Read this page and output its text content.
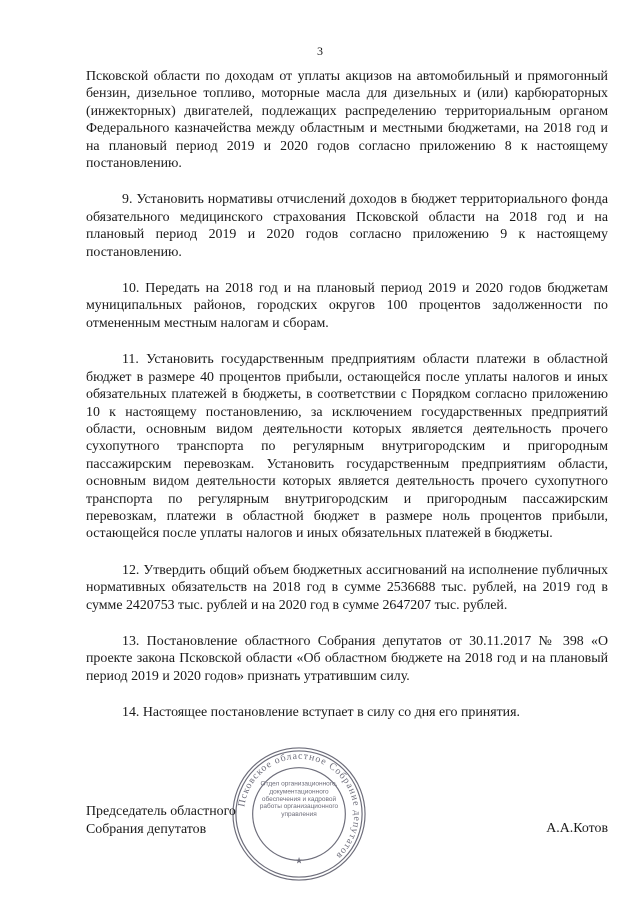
3

Псковской области по доходам от уплаты акцизов на автомобильный и прямогонный бензин, дизельное топливо, моторные масла для дизельных и (или) карбюраторных (инжекторных) двигателей, подлежащих распределению территориальным органом Федерального казначейства между областным и местными бюджетами, на 2018 год и на плановый период 2019 и 2020 годов согласно приложению 8 к настоящему постановлению.

9. Установить нормативы отчислений доходов в бюджет территориального фонда обязательного медицинского страхования Псковской области на 2018 год и на плановый период 2019 и 2020 годов согласно приложению 9 к настоящему постановлению.

10. Передать на 2018 год и на плановый период 2019 и 2020 годов бюджетам муниципальных районов, городских округов 100 процентов задолженности по отмененным местным налогам и сборам.

11. Установить государственным предприятиям области платежи в областной бюджет в размере 40 процентов прибыли, остающейся после уплаты налогов и иных обязательных платежей в бюджеты, в соответствии с Порядком согласно приложению 10 к настоящему постановлению, за исключением государственных предприятий области, основным видом деятельности которых является деятельность прочего сухопутного транспорта по регулярным внутригородским и пригородным пассажирским перевозкам. Установить государственным предприятиям области, основным видом деятельности которых является деятельность прочего сухопутного транспорта по регулярным внутригородским и пригородным пассажирским перевозкам, платежи в областной бюджет в размере ноль процентов прибыли, остающейся после уплаты налогов и иных обязательных платежей в бюджеты.

12. Утвердить общий объем бюджетных ассигнований на исполнение публичных нормативных обязательств на 2018 год в сумме 2536688 тыс. рублей, на 2019 год в сумме 2420753 тыс. рублей и на 2020 год в сумме 2647207 тыс. рублей.

13. Постановление областного Собрания депутатов от 30.11.2017 № 398 «О проекте закона Псковской области «Об областном бюджете на 2018 год и на плановый период 2019 и 2020 годов» признать утратившим силу.

14. Настоящее постановление вступает в силу со дня его принятия.

Псковское областное Собрание депутатов
Отдел организационного, документационного обеспечения и кадровой работы организационного управления
★
Председатель областного
Собрания депутатов	А.А.Котов
